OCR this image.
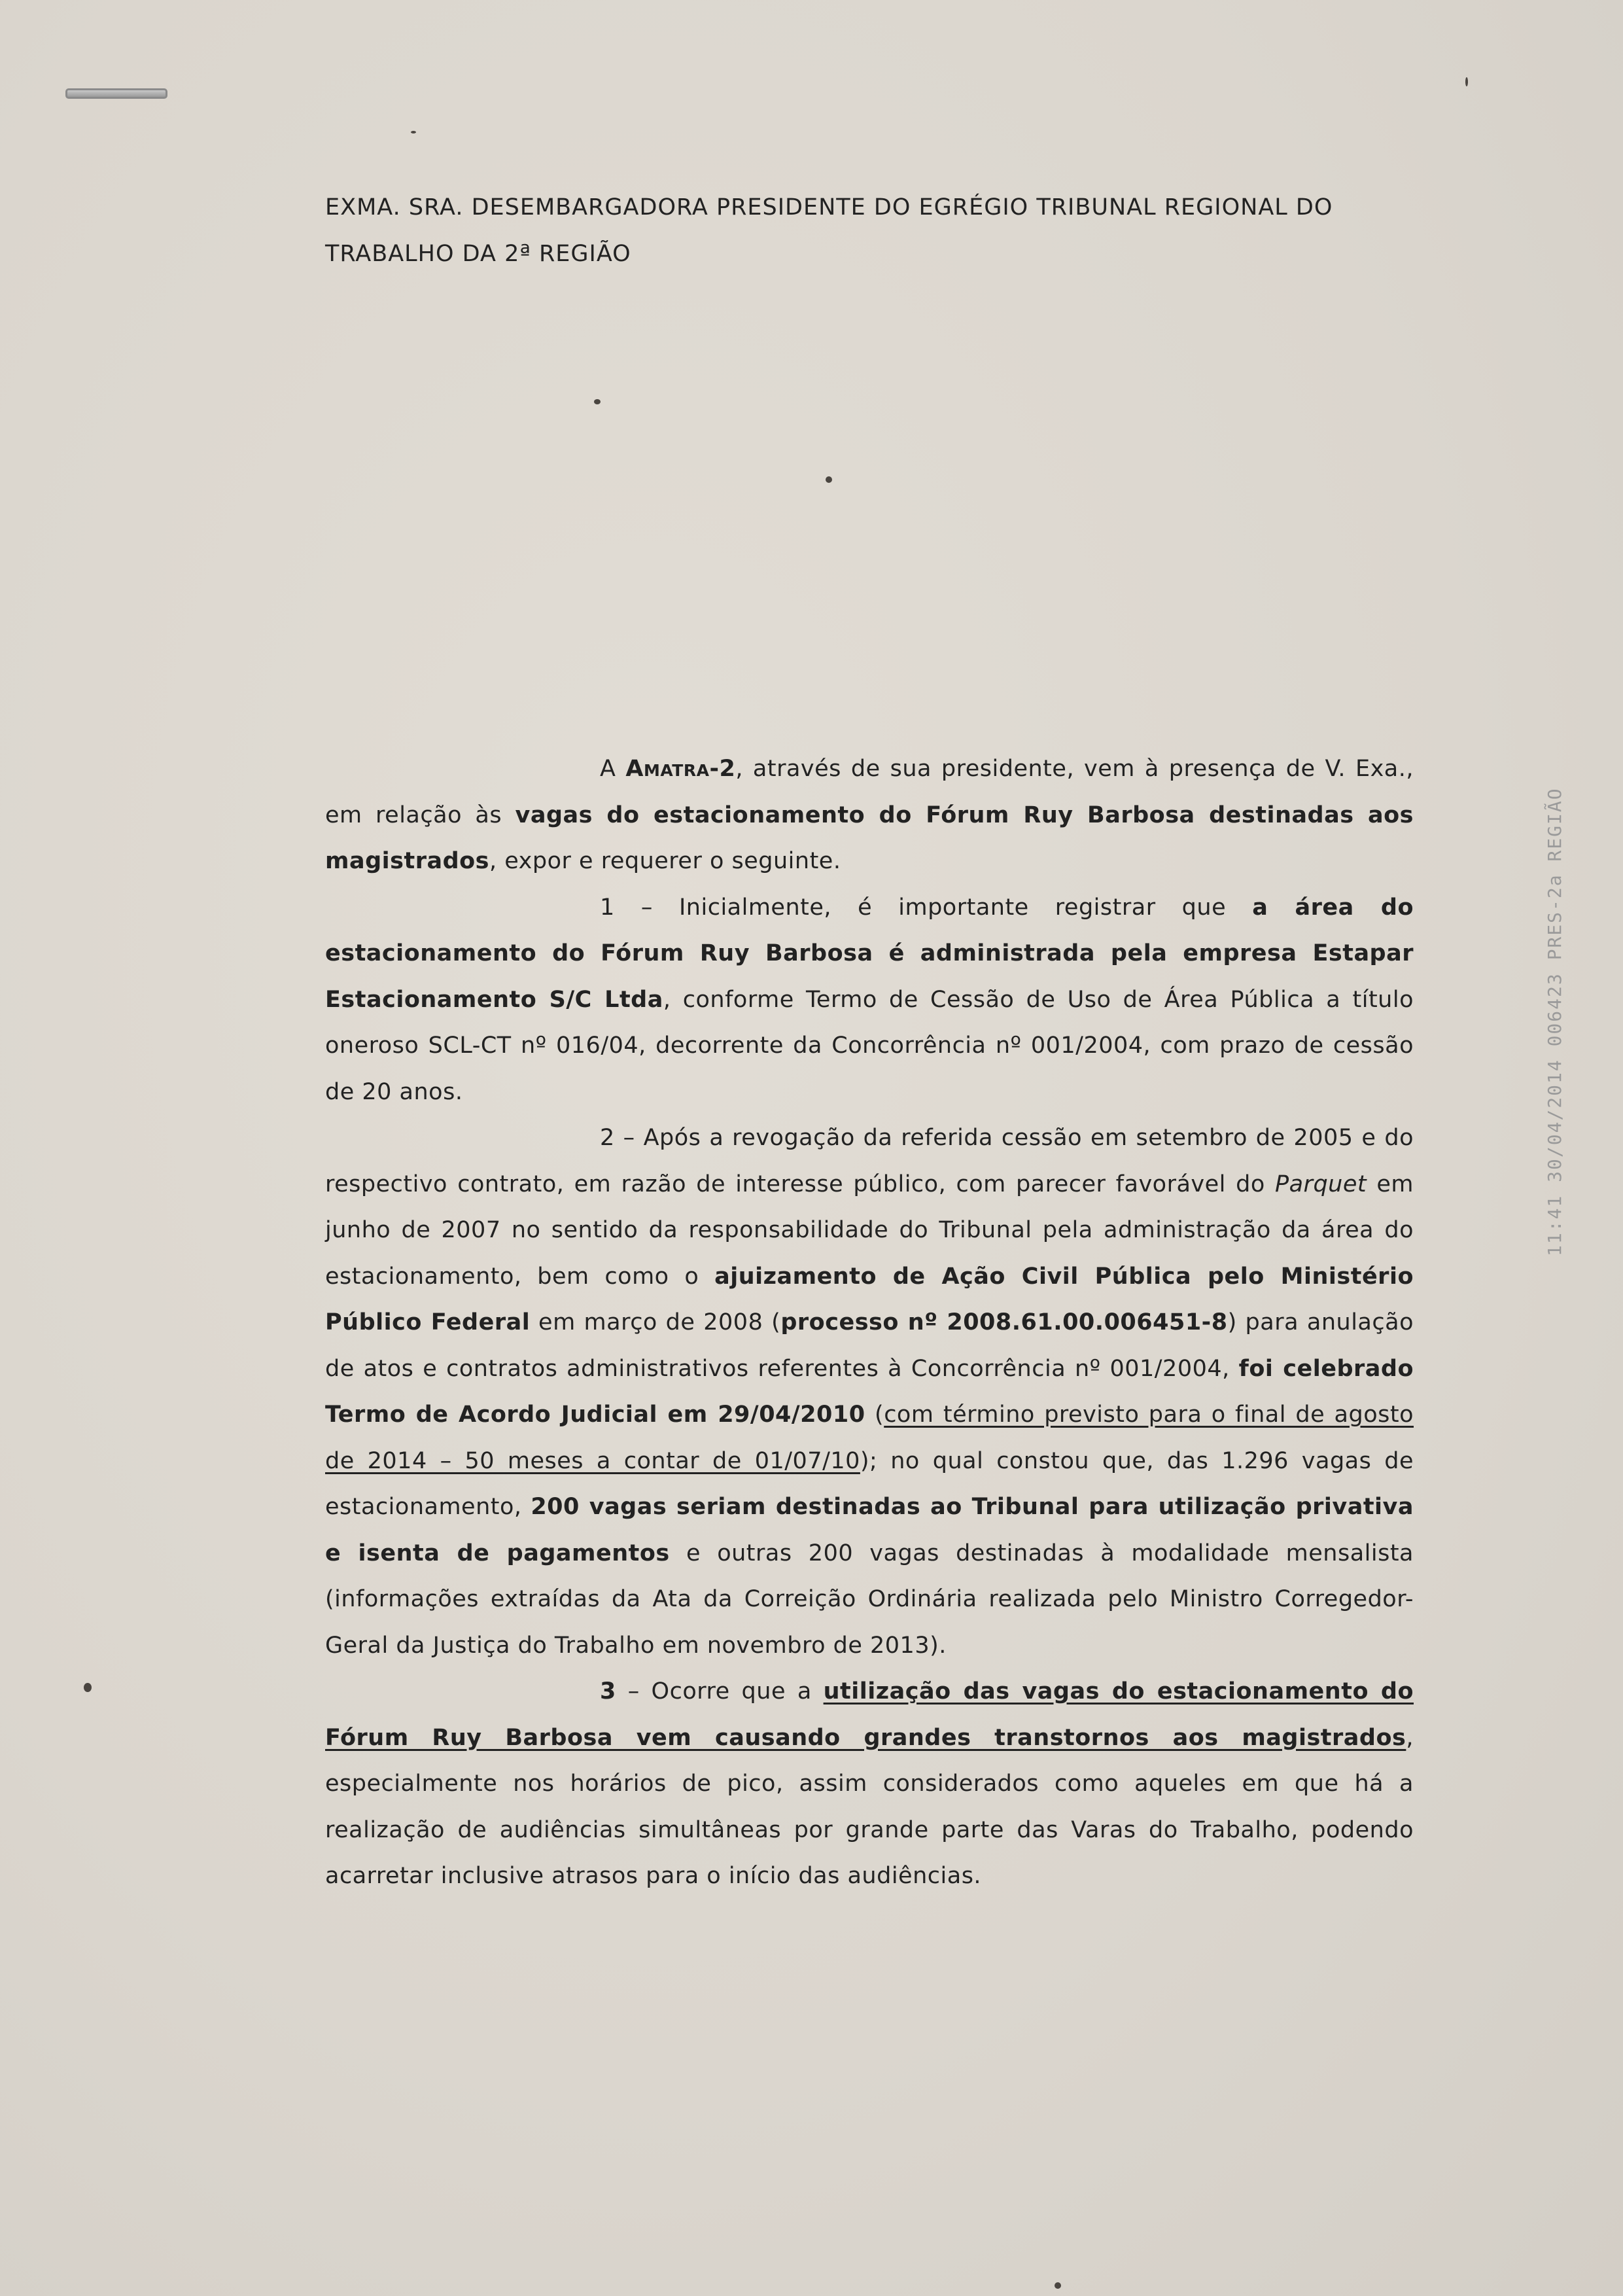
EXMA. SRA. DESEMBARGADORA PRESIDENTE DO EGRÉGIO TRIBUNAL REGIONAL DO
TRABALHO DA 2ª REGIÃO

A Amatra-2, através de sua presidente, vem à presença de V. Exa., em relação às vagas do estacionamento do Fórum Ruy Barbosa destinadas aos magistrados, expor e requerer o seguinte.

1 – Inicialmente, é importante registrar que a área do estacionamento do Fórum Ruy Barbosa é administrada pela empresa Estapar Estacionamento S/C Ltda, conforme Termo de Cessão de Uso de Área Pública a título oneroso SCL-CT nº 016/04, decorrente da Concorrência nº 001/2004, com prazo de cessão de 20 anos.

2 – Após a revogação da referida cessão em setembro de 2005 e do respectivo contrato, em razão de interesse público, com parecer favorável do Parquet em junho de 2007 no sentido da responsabilidade do Tribunal pela administração da área do estacionamento, bem como o ajuizamento de Ação Civil Pública pelo Ministério Público Federal em março de 2008 (processo nº 2008.61.00.006451-8) para anulação de atos e contratos administrativos referentes à Concorrência nº 001/2004, foi celebrado Termo de Acordo Judicial em 29/04/2010 (com término previsto para o final de agosto de 2014 – 50 meses a contar de 01/07/10); no qual constou que, das 1.296 vagas de estacionamento, 200 vagas seriam destinadas ao Tribunal para utilização privativa e isenta de pagamentos e outras 200 vagas destinadas à modalidade mensalista (informações extraídas da Ata da Correição Ordinária realizada pelo Ministro Corregedor-Geral da Justiça do Trabalho em novembro de 2013).

3 – Ocorre que a utilização das vagas do estacionamento do Fórum Ruy Barbosa vem causando grandes transtornos aos magistrados, especialmente nos horários de pico, assim considerados como aqueles em que há a realização de audiências simultâneas por grande parte das Varas do Trabalho, podendo acarretar inclusive atrasos para o início das audiências.

11:41 30/04/2014 006423 PRES-2a REGIÃO
